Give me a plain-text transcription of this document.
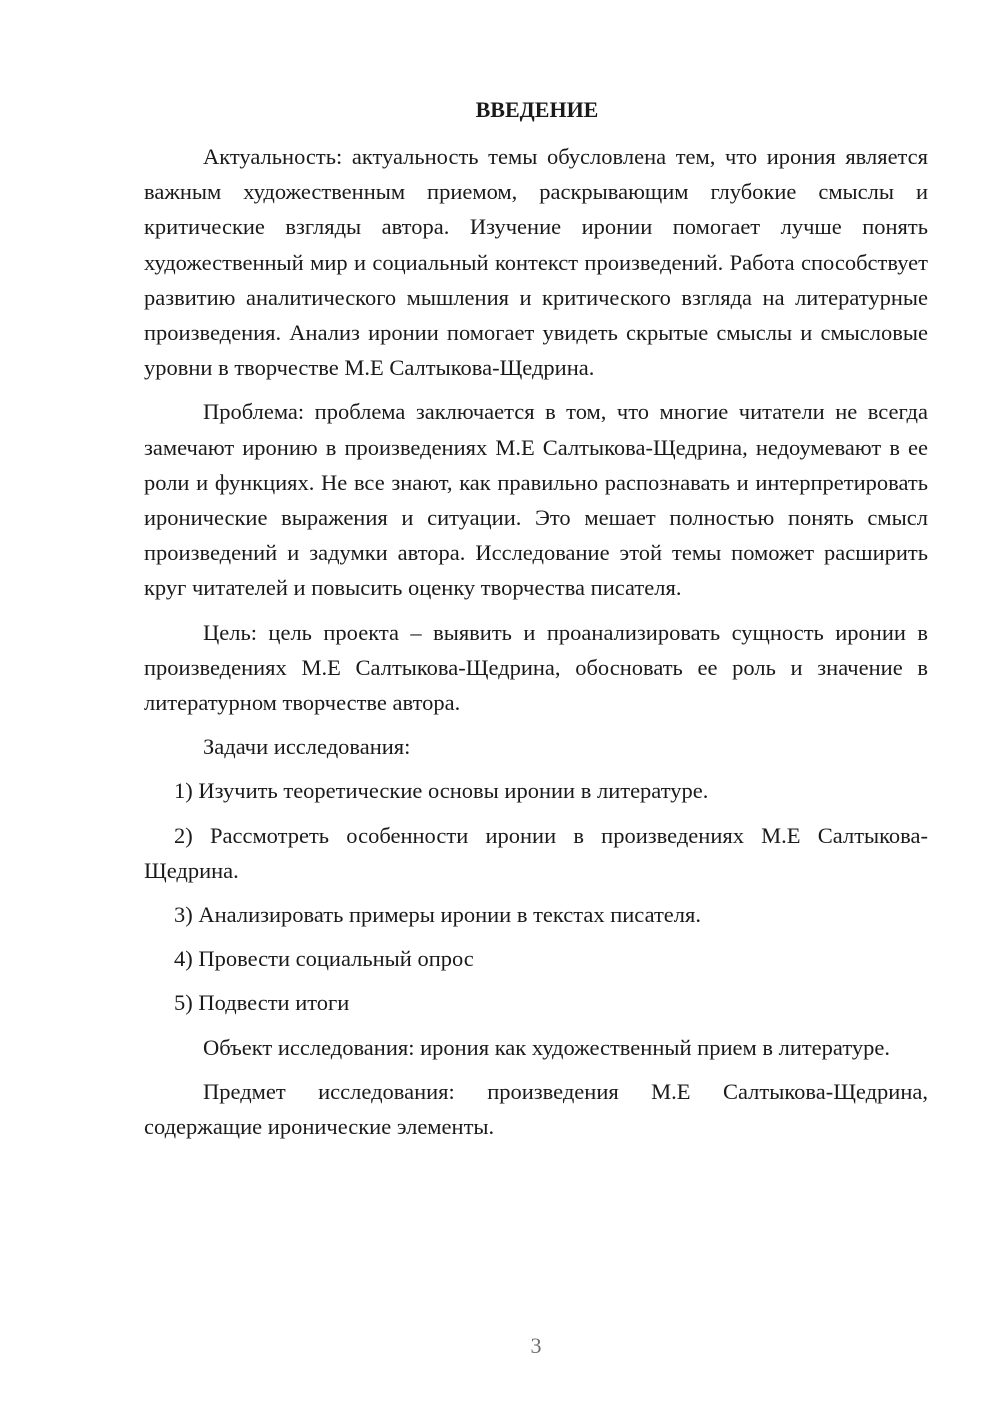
ВВЕДЕНИЕ

Актуальность: актуальность темы обусловлена тем, что ирония является важным художественным приемом, раскрывающим глубокие смыслы и критические взгляды автора. Изучение иронии помогает лучше понять художественный мир и социальный контекст произведений. Работа способствует развитию аналитического мышления и критического взгляда на литературные произведения. Анализ иронии помогает увидеть скрытые смыслы и смысловые уровни в творчестве М.Е Салтыкова-Щедрина.

Проблема: проблема заключается в том, что многие читатели не всегда замечают иронию в произведениях М.Е Салтыкова-Щедрина, недоумевают в ее роли и функциях. Не все знают, как правильно распознавать и интерпретировать иронические выражения и ситуации. Это мешает полностью понять смысл произведений и задумки автора. Исследование этой темы поможет расширить круг читателей и повысить оценку творчества писателя.

Цель: цель проекта – выявить и проанализировать сущность иронии в произведениях М.Е Салтыкова-Щедрина, обосновать ее роль и значение в литературном творчестве автора.

Задачи исследования:

1) Изучить теоретические основы иронии в литературе.

2) Рассмотреть особенности иронии в произведениях М.Е Салтыкова-Щедрина.

3) Анализировать примеры иронии в текстах писателя.

4) Провести социальный опрос

5) Подвести итоги

Объект исследования: ирония как художественный прием в литературе.

Предмет исследования: произведения М.Е Салтыкова-Щедрина, содержащие иронические элементы.

3
